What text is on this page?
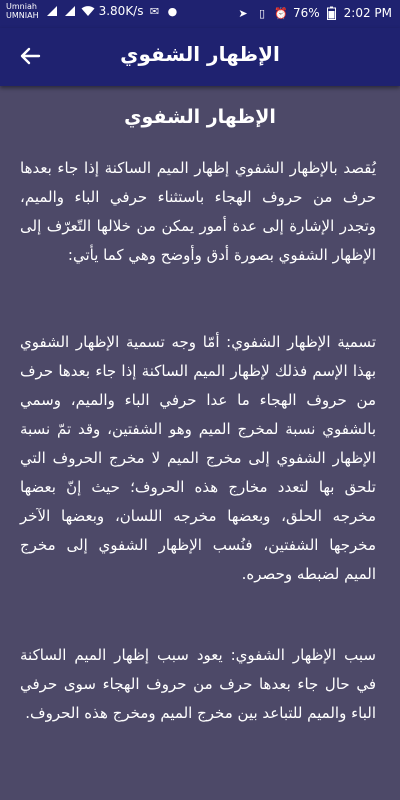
Umniah
UMNIAH	3.80K/s ✉ ●	➤	▯ ⏰ 76% 2:02 PM
الإظهار الشفوي
الإظهار الشفوي
يُقصد بالإظهار الشفوي إظهار الميم الساكنة إذا جاء بعدها حرف من حروف الهجاء باستثناء حرفي الباء والميم، وتجدر الإشارة إلى عدة أمور يمكن من خلالها التّعرّف إلى الإظهار الشفوي بصورة أدق وأوضح وهي كما يأتي:
تسمية الإظهار الشفوي: أمّا وجه تسمية الإظهار الشفوي بهذا الإسم فذلك لإظهار الميم الساكنة إذا جاء بعدها حرف من حروف الهجاء ما عدا حرفي الباء والميم، وسمي بالشفوي نسبة لمخرج الميم وهو الشفتين، وقد تمّ نسبة الإظهار الشفوي إلى مخرج الميم لا مخرج الحروف التي تلحق بها لتعدد مخارج هذه الحروف؛ حيث إنّ بعضها مخرجه الحلق، وبعضها مخرجه اللسان، وبعضها الآخر مخرجها الشفتين، فنُسب الإظهار الشفوي إلى مخرج الميم لضبطه وحصره.
سبب الإظهار الشفوي: يعود سبب إظهار الميم الساكنة في حال جاء بعدها حرف من حروف الهجاء سوى حرفي الباء والميم للتباعد بين مخرج الميم ومخرج هذه الحروف.
